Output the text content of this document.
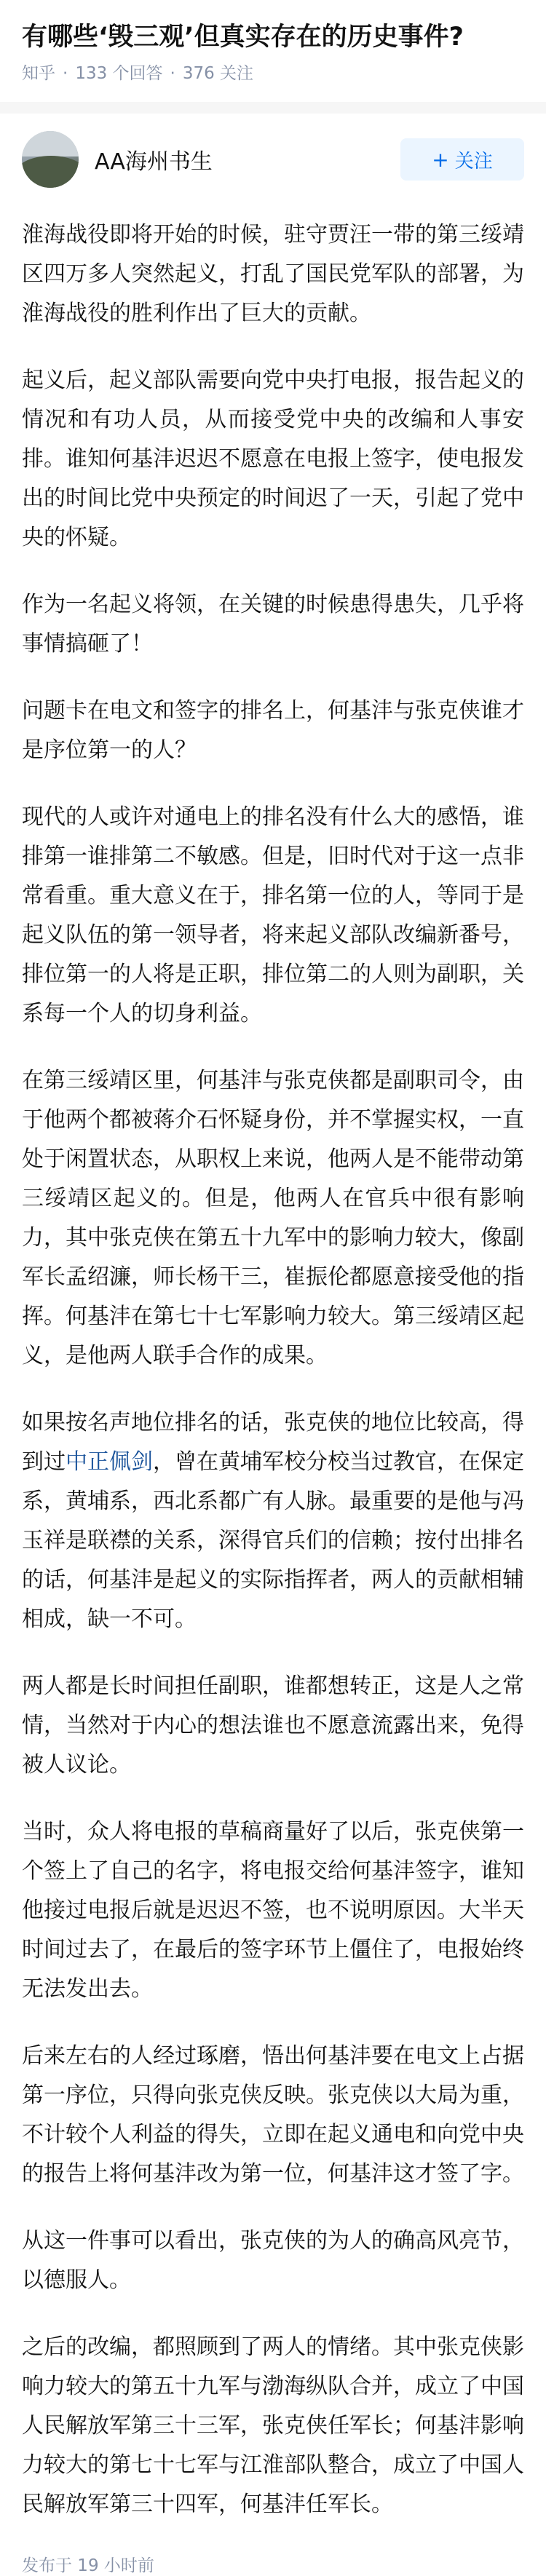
有哪些‘毁三观’但真实存在的历史事件?
知乎 · 133 个回答 · 376 关注
AA海州书生	+ 关注

淮海战役即将开始的时候，驻守贾汪一带的第三绥靖区四万多人突然起义，打乱了国民党军队的部署，为淮海战役的胜利作出了巨大的贡献。

起义后，起义部队需要向党中央打电报，报告起义的情况和有功人员，从而接受党中央的改编和人事安排。谁知何基沣迟迟不愿意在电报上签字，使电报发出的时间比党中央预定的时间迟了一天，引起了党中央的怀疑。

作为一名起义将领，在关键的时候患得患失，几乎将事情搞砸了！

问题卡在电文和签字的排名上，何基沣与张克侠谁才是序位第一的人？

现代的人或许对通电上的排名没有什么大的感悟，谁排第一谁排第二不敏感。但是，旧时代对于这一点非常看重。重大意义在于，排名第一位的人，等同于是起义队伍的第一领导者，将来起义部队改编新番号，排位第一的人将是正职，排位第二的人则为副职，关系每一个人的切身利益。

在第三绥靖区里，何基沣与张克侠都是副职司令，由于他两个都被蒋介石怀疑身份，并不掌握实权，一直处于闲置状态，从职权上来说，他两人是不能带动第三绥靖区起义的。但是，他两人在官兵中很有影响力，其中张克侠在第五十九军中的影响力较大，像副军长孟绍濂，师长杨干三，崔振伦都愿意接受他的指挥。何基沣在第七十七军影响力较大。第三绥靖区起义，是他两人联手合作的成果。

如果按名声地位排名的话，张克侠的地位比较高，得到过中正佩剑，曾在黄埔军校分校当过教官，在保定系，黄埔系，西北系都广有人脉。最重要的是他与冯玉祥是联襟的关系，深得官兵们的信赖；按付出排名的话，何基沣是起义的实际指挥者，两人的贡献相辅相成，缺一不可。

两人都是长时间担任副职，谁都想转正，这是人之常情，当然对于内心的想法谁也不愿意流露出来，免得被人议论。

当时，众人将电报的草稿商量好了以后，张克侠第一个签上了自己的名字，将电报交给何基沣签字，谁知他接过电报后就是迟迟不签，也不说明原因。大半天时间过去了，在最后的签字环节上僵住了，电报始终无法发出去。

后来左右的人经过琢磨，悟出何基沣要在电文上占据第一序位，只得向张克侠反映。张克侠以大局为重，不计较个人利益的得失，立即在起义通电和向党中央的报告上将何基沣改为第一位，何基沣这才签了字。

从这一件事可以看出，张克侠的为人的确高风亮节，以德服人。

之后的改编，都照顾到了两人的情绪。其中张克侠影响力较大的第五十九军与渤海纵队合并，成立了中国人民解放军第三十三军，张克侠任军长；何基沣影响力较大的第七十七军与江淮部队整合，成立了中国人民解放军第三十四军，何基沣任军长。

发布于 19 小时前
